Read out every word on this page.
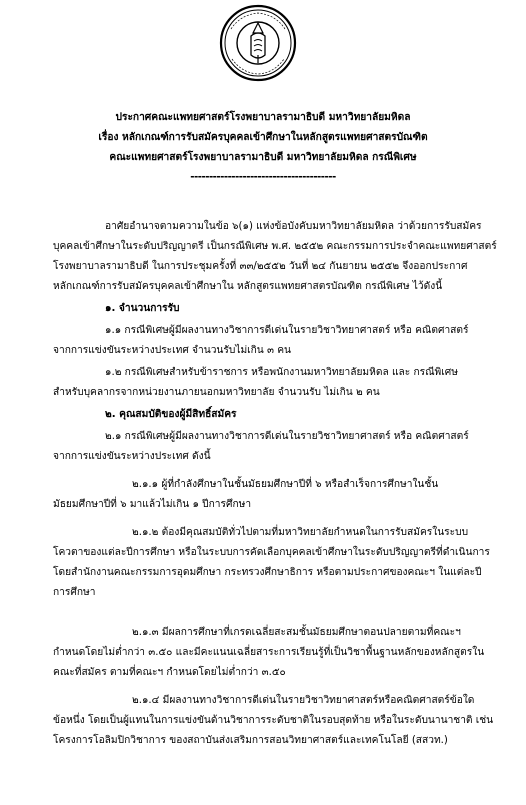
ประกาศคณะแพทยศาสตร์โรงพยาบาลรามาธิบดี มหาวิทยาลัยมหิดล
เรื่อง หลักเกณฑ์การรับสมัครบุคคลเข้าศึกษาในหลักสูตรแพทยศาสตรบัณฑิต
คณะแพทยศาสตร์โรงพยาบาลรามาธิบดี มหาวิทยาลัยมหิดล กรณีพิเศษ
---------------------------------------
อาศัยอำนาจตามความในข้อ ๖(๑) แห่งข้อบังคับมหาวิทยาลัยมหิดล ว่าด้วยการรับสมัคร
บุคคลเข้าศึกษาในระดับปริญญาตรี เป็นกรณีพิเศษ พ.ศ. ๒๕๕๒ คณะกรรมการประจำคณะแพทยศาสตร์
โรงพยาบาลรามาธิบดี ในการประชุมครั้งที่ ๓๓/๒๕๕๒ วันที่ ๒๔ กันยายน ๒๕๕๒ จึงออกประกาศ
หลักเกณฑ์การรับสมัครบุคคลเข้าศึกษาใน หลักสูตรแพทยศาสตรบัณฑิต กรณีพิเศษ ไว้ดังนี้
๑. จำนวนการรับ
๑.๑ กรณีพิเศษผู้มีผลงานทางวิชาการดีเด่นในรายวิชาวิทยาศาสตร์ หรือ คณิตศาสตร์
จากการแข่งขันระหว่างประเทศ จำนวนรับไม่เกิน ๓ คน
๑.๒ กรณีพิเศษสำหรับข้าราชการ หรือพนักงานมหาวิทยาลัยมหิดล และ กรณีพิเศษ
สำหรับบุคลากรจากหน่วยงานภายนอกมหาวิทยาลัย จำนวนรับ ไม่เกิน ๒ คน
๒. คุณสมบัติของผู้มีสิทธิ์สมัคร
๒.๑ กรณีพิเศษผู้มีผลงานทางวิชาการดีเด่นในรายวิชาวิทยาศาสตร์ หรือ คณิตศาสตร์
จากการแข่งขันระหว่างประเทศ ดังนี้
๒.๑.๑ ผู้ที่กำลังศึกษาในชั้นมัธยมศึกษาปีที่ ๖ หรือสำเร็จการศึกษาในชั้น
มัธยมศึกษาปีที่ ๖ มาแล้วไม่เกิน ๑ ปีการศึกษา
๒.๑.๒ ต้องมีคุณสมบัติทั่วไปตามที่มหาวิทยาลัยกำหนดในการรับสมัครในระบบ
โควตาของแต่ละปีการศึกษา หรือในระบบการคัดเลือกบุคคลเข้าศึกษาในระดับปริญญาตรีที่ดำเนินการ
โดยสำนักงานคณะกรรมการอุดมศึกษา กระทรวงศึกษาธิการ หรือตามประกาศของคณะฯ ในแต่ละปี
การศึกษา
๒.๑.๓ มีผลการศึกษาที่เกรดเฉลี่ยสะสมชั้นมัธยมศึกษาตอนปลายตามที่คณะฯ
กำหนดโดยไม่ต่ำกว่า ๓.๕๐ และมีคะแนนเฉลี่ยสาระการเรียนรู้ที่เป็นวิชาพื้นฐานหลักของหลักสูตรใน
คณะที่สมัคร ตามที่คณะฯ กำหนดโดยไม่ต่ำกว่า ๓.๕๐
๒.๑.๔ มีผลงานทางวิชาการดีเด่นในรายวิชาวิทยาศาสตร์หรือคณิตศาสตร์ข้อใด
ข้อหนึ่ง โดยเป็นผู้แทนในการแข่งขันด้านวิชาการระดับชาติในรอบสุดท้าย หรือในระดับนานาชาติ เช่น
โครงการโอลิมปิกวิชาการ ของสถาบันส่งเสริมการสอนวิทยาศาสตร์และเทคโนโลยี (สสวท.)
